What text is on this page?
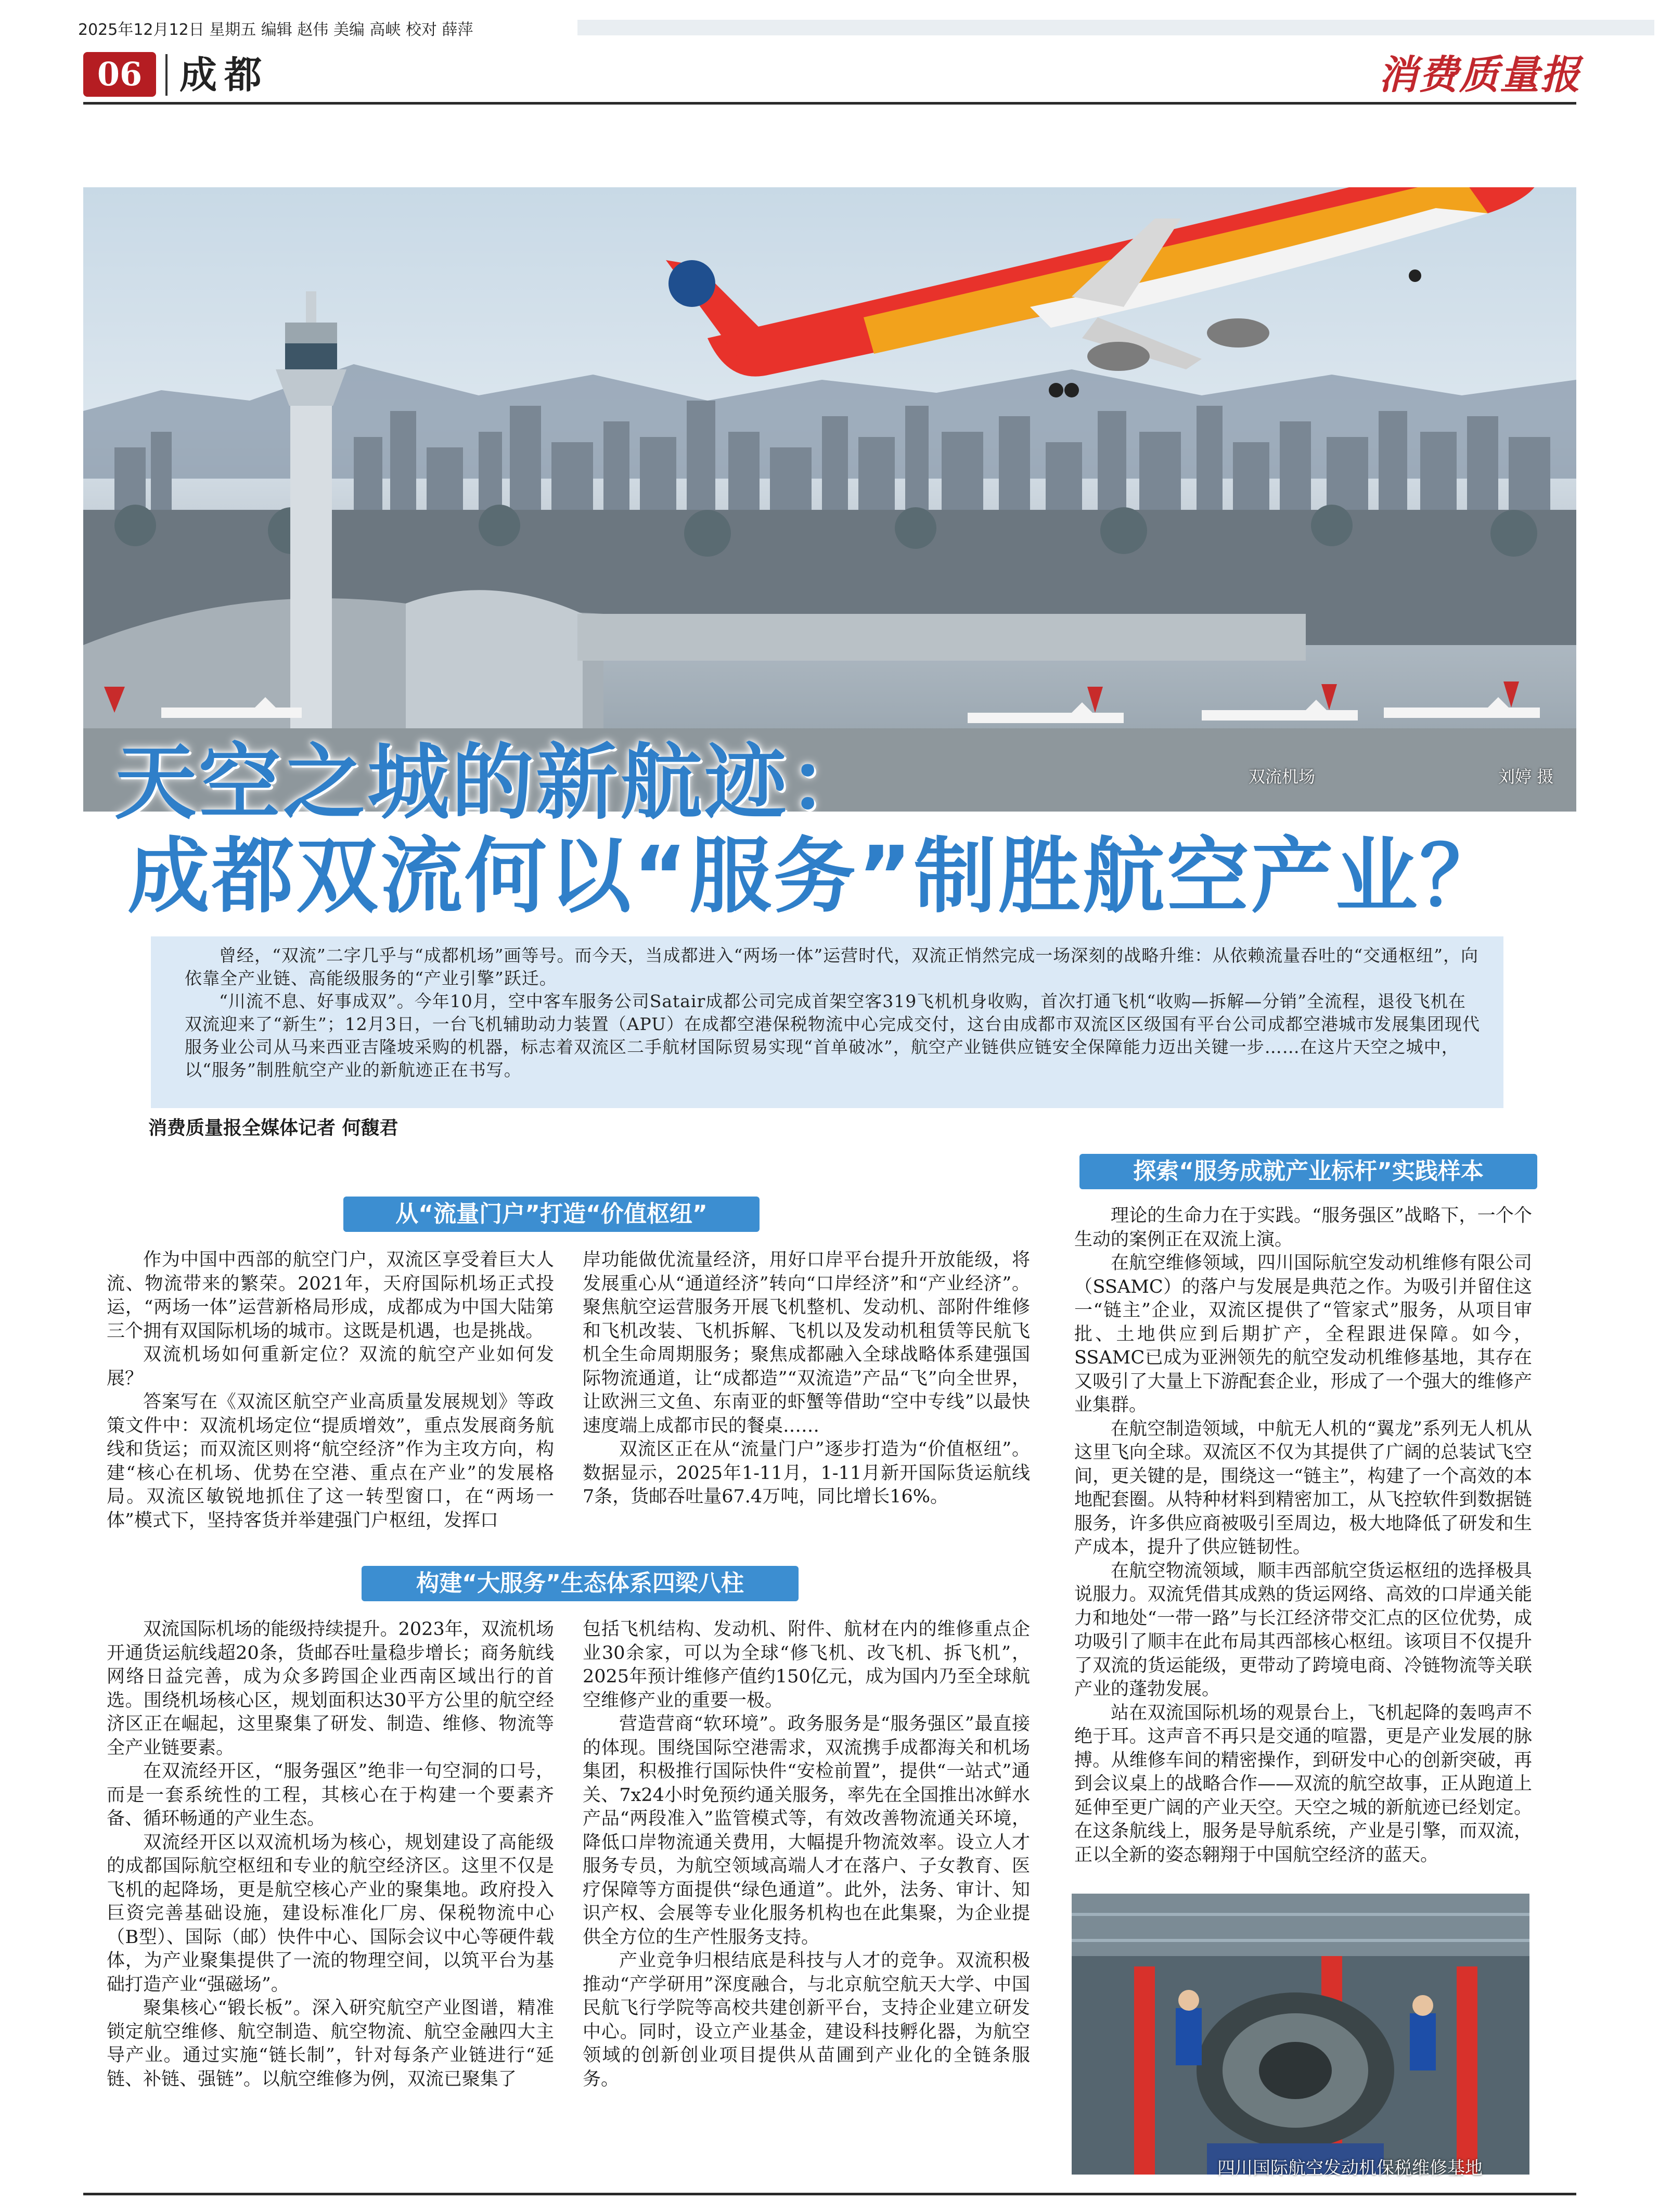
2025年12月12日 星期五 编辑 赵伟 美编 高峡 校对 薛萍
06 成都	消费质量报
双流机场	刘婷 摄
天空之城的新航迹：
成都双流何以“服务”制胜航空产业？

曾经，“双流”二字几乎与“成都机场”画等号。而今天，当成都进入“两场一体”运营时代，双流正悄然完成一场深刻的战略升维：从依赖流量吞吐的“交通枢纽”，向依靠全产业链、高能级服务的“产业引擎”跃迁。

“川流不息、好事成双”。今年10月，空中客车服务公司Satair成都公司完成首架空客319飞机机身收购，首次打通飞机“收购—拆解—分销”全流程，退役飞机在双流迎来了“新生”；12月3日，一台飞机辅助动力装置（APU）在成都空港保税物流中心完成交付，这台由成都市双流区区级国有平台公司成都空港城市发展集团现代服务业公司从马来西亚吉隆坡采购的机器，标志着双流区二手航材国际贸易实现“首单破冰”，航空产业链供应链安全保障能力迈出关键一步……在这片天空之城中，以“服务”制胜航空产业的新航迹正在书写。

消费质量报全媒体记者 何馥君
从“流量门户”打造“价值枢纽”
构建“大服务”生态体系四梁八柱
探索“服务成就产业标杆”实践样本

作为中国中西部的航空门户，双流区享受着巨大人流、物流带来的繁荣。2021年，天府国际机场正式投运，“两场一体”运营新格局形成，成都成为中国大陆第三个拥有双国际机场的城市。这既是机遇，也是挑战。

双流机场如何重新定位？双流的航空产业如何发展？

答案写在《双流区航空产业高质量发展规划》等政策文件中：双流机场定位“提质增效”，重点发展商务航线和货运；而双流区则将“航空经济”作为主攻方向，构建“核心在机场、优势在空港、重点在产业”的发展格局。双流区敏锐地抓住了这一转型窗口，在“两场一体”模式下，坚持客货并举建强门户枢纽，发挥口

岸功能做优流量经济，用好口岸平台提升开放能级，将发展重心从“通道经济”转向“口岸经济”和“产业经济”。聚焦航空运营服务开展飞机整机、发动机、部附件维修和飞机改装、飞机拆解、飞机以及发动机租赁等民航飞机全生命周期服务；聚焦成都融入全球战略体系建强国际物流通道，让“成都造”“双流造”产品“飞”向全世界，让欧洲三文鱼、东南亚的虾蟹等借助“空中专线”以最快速度端上成都市民的餐桌……

双流区正在从“流量门户”逐步打造为“价值枢纽”。数据显示，2025年1-11月，1-11月新开国际货运航线7条，货邮吞吐量67.4万吨，同比增长16%。

双流国际机场的能级持续提升。2023年，双流机场开通货运航线超20条，货邮吞吐量稳步增长；商务航线网络日益完善，成为众多跨国企业西南区域出行的首选。围绕机场核心区，规划面积达30平方公里的航空经济区正在崛起，这里聚集了研发、制造、维修、物流等全产业链要素。

在双流经开区，“服务强区”绝非一句空洞的口号，而是一套系统性的工程，其核心在于构建一个要素齐备、循环畅通的产业生态。

双流经开区以双流机场为核心，规划建设了高能级的成都国际航空枢纽和专业的航空经济区。这里不仅是飞机的起降场，更是航空核心产业的聚集地。政府投入巨资完善基础设施，建设标准化厂房、保税物流中心（B型）、国际（邮）快件中心、国际会议中心等硬件载体，为产业聚集提供了一流的物理空间，以筑平台为基础打造产业“强磁场”。

聚集核心“锻长板”。深入研究航空产业图谱，精准锁定航空维修、航空制造、航空物流、航空金融四大主导产业。通过实施“链长制”，针对每条产业链进行“延链、补链、强链”。以航空维修为例，双流已聚集了

包括飞机结构、发动机、附件、航材在内的维修重点企业30余家，可以为全球“修飞机、改飞机、拆飞机”，2025年预计维修产值约150亿元，成为国内乃至全球航空维修产业的重要一极。

营造营商“软环境”。政务服务是“服务强区”最直接的体现。围绕国际空港需求，双流携手成都海关和机场集团，积极推行国际快件“安检前置”，提供“一站式”通关、7x24小时免预约通关服务，率先在全国推出冰鲜水产品“两段准入”监管模式等，有效改善物流通关环境，降低口岸物流通关费用，大幅提升物流效率。设立人才服务专员，为航空领域高端人才在落户、子女教育、医疗保障等方面提供“绿色通道”。此外，法务、审计、知识产权、会展等专业化服务机构也在此集聚，为企业提供全方位的生产性服务支持。

产业竞争归根结底是科技与人才的竞争。双流积极推动“产学研用”深度融合，与北京航空航天大学、中国民航飞行学院等高校共建创新平台，支持企业建立研发中心。同时，设立产业基金，建设科技孵化器，为航空领域的创新创业项目提供从苗圃到产业化的全链条服务。

理论的生命力在于实践。“服务强区”战略下，一个个生动的案例正在双流上演。

在航空维修领域，四川国际航空发动机维修有限公司（SSAMC）的落户与发展是典范之作。为吸引并留住这一“链主”企业，双流区提供了“管家式”服务，从项目审批、土地供应到后期扩产，全程跟进保障。如今，SSAMC已成为亚洲领先的航空发动机维修基地，其存在又吸引了大量上下游配套企业，形成了一个强大的维修产业集群。

在航空制造领域，中航无人机的“翼龙”系列无人机从这里飞向全球。双流区不仅为其提供了广阔的总装试飞空间，更关键的是，围绕这一“链主”，构建了一个高效的本地配套圈。从特种材料到精密加工，从飞控软件到数据链服务，许多供应商被吸引至周边，极大地降低了研发和生产成本，提升了供应链韧性。

在航空物流领域，顺丰西部航空货运枢纽的选择极具说服力。双流凭借其成熟的货运网络、高效的口岸通关能力和地处“一带一路”与长江经济带交汇点的区位优势，成功吸引了顺丰在此布局其西部核心枢纽。该项目不仅提升了双流的货运能级，更带动了跨境电商、冷链物流等关联产业的蓬勃发展。

站在双流国际机场的观景台上，飞机起降的轰鸣声不绝于耳。这声音不再只是交通的喧嚣，更是产业发展的脉搏。从维修车间的精密操作，到研发中心的创新突破，再到会议桌上的战略合作——双流的航空故事，正从跑道上延伸至更广阔的产业天空。天空之城的新航迹已经划定。在这条航线上，服务是导航系统，产业是引擎，而双流，正以全新的姿态翱翔于中国航空经济的蓝天。

四川国际航空发动机保税维修基地
